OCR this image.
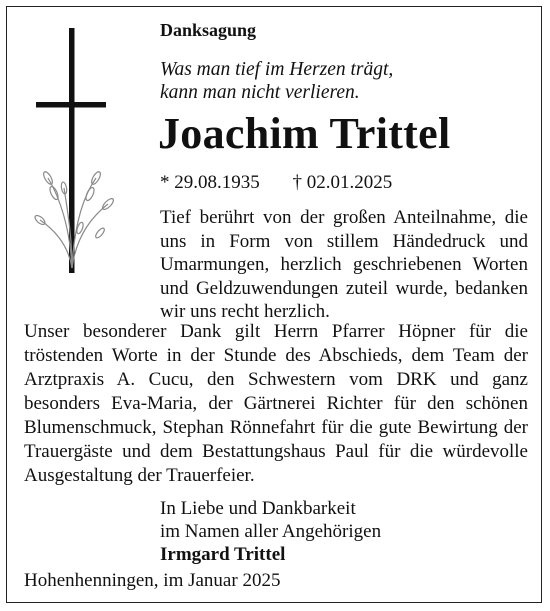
Danksagung
Was man tief im Herzen trägt,
kann man nicht verlieren.
Joachim Trittel
* 29.08.1935 † 02.01.2025
Tief berührt von der großen Anteilnahme, die uns in Form von stillem Händedruck und Umarmungen, herzlich geschriebenen Worten und Geldzuwendungen zuteil wurde, bedanken wir uns recht herzlich.
Unser besonderer Dank gilt Herrn Pfarrer Höpner für die tröstenden Worte in der Stunde des Abschieds, dem Team der Arztpraxis A. Cucu, den Schwestern vom DRK und ganz besonders Eva-Maria, der Gärtnerei Richter für den schönen Blumenschmuck, Stephan Rönnefahrt für die gute Bewirtung der Trauergäste und dem Bestattungshaus Paul für die würdevolle Ausgestaltung der Trauerfeier.
In Liebe und Dankbarkeit
im Namen aller Angehörigen
Irmgard Trittel
Hohenhenningen, im Januar 2025
